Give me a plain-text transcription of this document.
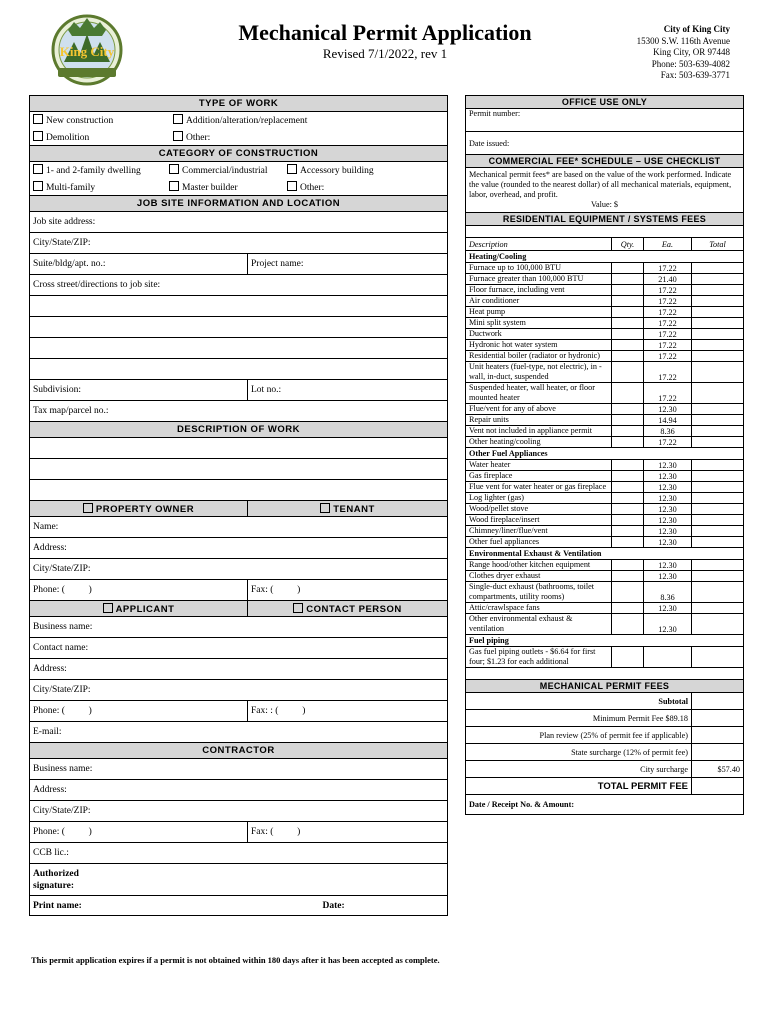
King City
Mechanical Permit Application
Revised 7/1/2022, rev 1
City of King City
15300 S.W. 116th Avenue
King City, OR 97448
Phone: 503-639-4082
Fax: 503-639-3771
TYPE OF WORK	
New construction Addition/alteration/replacement	
Demolition Other:	
CATEGORY OF CONSTRUCTION	
1- and 2-family dwelling Commercial/industrial Accessory building	
Multi-family Master builder Other:	
JOB SITE INFORMATION AND LOCATION	
Job site address:	
City/State/ZIP:	
Suite/bldg/apt. no.:	Project name:
Cross street/directions to job site:	

Subdivision:	Lot no.:
Tax map/parcel no.:	
DESCRIPTION OF WORK	

PROPERTY OWNER	TENANT
Name:	
Address:	
City/State/ZIP:	
Phone: (          )	Fax: (          )
APPLICANT	CONTACT PERSON
Business name:	
Contact name:	
Address:	
City/State/ZIP:	
Phone: (          )	Fax: : (          )
E-mail:	
CONTRACTOR	
Business name:	
Address:	
City/State/ZIP:	
Phone: (          )	Fax: (          )
CCB lic.:	

Authorized signature:	

Print name:	Date:
This permit application expires if a permit is not obtained within 180 days after it has been accepted as complete.
OFFICE USE ONLY			
Permit number:			
Date issued:			
COMMERCIAL FEE* SCHEDULE – USE CHECKLIST			

Mechanical permit fees* are based on the value of the work performed. Indicate the value (rounded to the nearest dollar) of all mechanical materials, equipment, labor, overhead, and profit.
Value: $			

RESIDENTIAL EQUIPMENT / SYSTEMS FEES			

Description	Qty.	Ea.	Total
Heating/Cooling			
Furnace up to 100,000 BTU		17.22	
Furnace greater than 100,000 BTU		21.40	
Floor furnace, including vent		17.22	
Air conditioner		17.22	
Heat pump		17.22	
Mini split system		17.22	
Ductwork		17.22	
Hydronic hot water system		17.22	
Residential boiler (radiator or hydronic)		17.22	
Unit heaters (fuel-type, not electric), in -wall, in-duct, suspended		17.22	
Suspended heater, wall heater, or floor mounted heater		17.22	
Flue/vent for any of above		12.30	
Repair units		14.94	
Vent not included in appliance permit		8.36	
Other heating/cooling		17.22	
Other Fuel Appliances			
Water heater		12.30	
Gas fireplace		12.30	
Flue vent for water heater or gas fireplace		12.30	
Log lighter (gas)		12.30	
Wood/pellet stove		12.30	
Wood fireplace/insert		12.30	
Chimney/liner/flue/vent		12.30	
Other fuel appliances		12.30	
Environmental Exhaust & Ventilation			
Range hood/other kitchen equipment		12.30	
Clothes dryer exhaust		12.30	
Single-duct exhaust (bathrooms, toilet compartments, utility rooms)		8.36	
Attic/crawlspace fans		12.30	
Other environmental exhaust & ventilation		12.30	
Fuel piping			
Gas fuel piping outlets - $6.64 for first four; $1.23 for each additional			

MECHANICAL PERMIT FEES			
Subtotal			
Minimum Permit Fee $89.18			
Plan review (25% of permit fee if applicable)			
State surcharge (12% of permit fee)			
City surcharge			$57.40
TOTAL PERMIT FEE			
Date / Receipt No. & Amount:			
